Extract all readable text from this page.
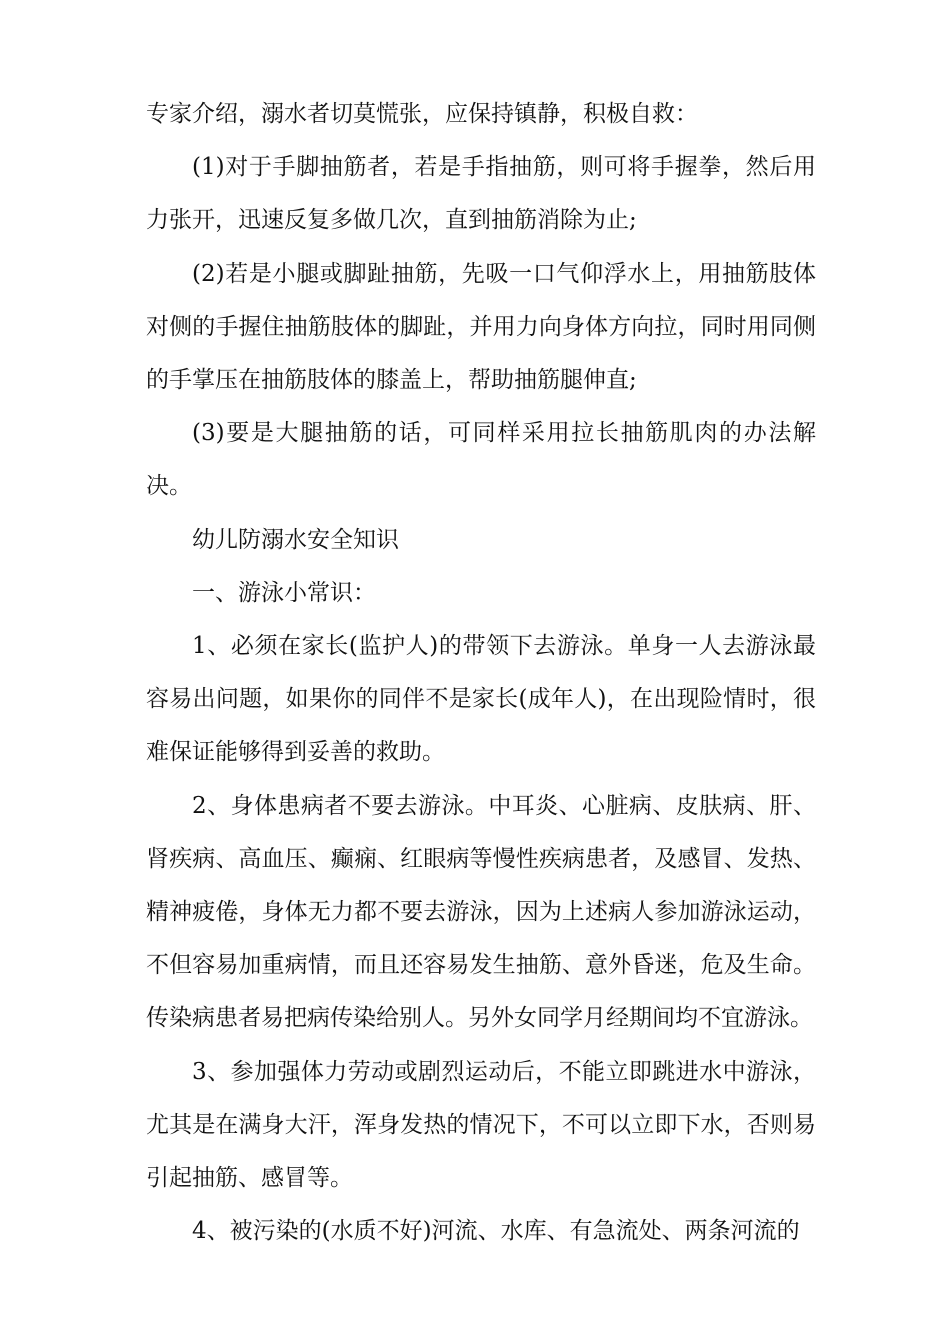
专家介绍，溺水者切莫慌张，应保持镇静，积极自救：

(1)对于手脚抽筋者，若是手指抽筋，则可将手握拳，然后用力张开，迅速反复多做几次，直到抽筋消除为止;

(2)若是小腿或脚趾抽筋，先吸一口气仰浮水上，用抽筋肢体对侧的手握住抽筋肢体的脚趾，并用力向身体方向拉，同时用同侧的手掌压在抽筋肢体的膝盖上，帮助抽筋腿伸直;

(3)要是大腿抽筋的话，可同样采用拉长抽筋肌肉的办法解决。

幼儿防溺水安全知识

一、游泳小常识：

1、必须在家长(监护人)的带领下去游泳。单身一人去游泳最容易出问题，如果你的同伴不是家长(成年人)，在出现险情时，很难保证能够得到妥善的救助。

2、身体患病者不要去游泳。中耳炎、心脏病、皮肤病、肝、肾疾病、高血压、癫痫、红眼病等慢性疾病患者，及感冒、发热、精神疲倦，身体无力都不要去游泳，因为上述病人参加游泳运动，不但容易加重病情，而且还容易发生抽筋、意外昏迷，危及生命。传染病患者易把病传染给别人。另外女同学月经期间均不宜游泳。

3、参加强体力劳动或剧烈运动后，不能立即跳进水中游泳，尤其是在满身大汗，浑身发热的情况下，不可以立即下水，否则易引起抽筋、感冒等。

4、被污染的(水质不好)河流、水库、有急流处、两条河流的
